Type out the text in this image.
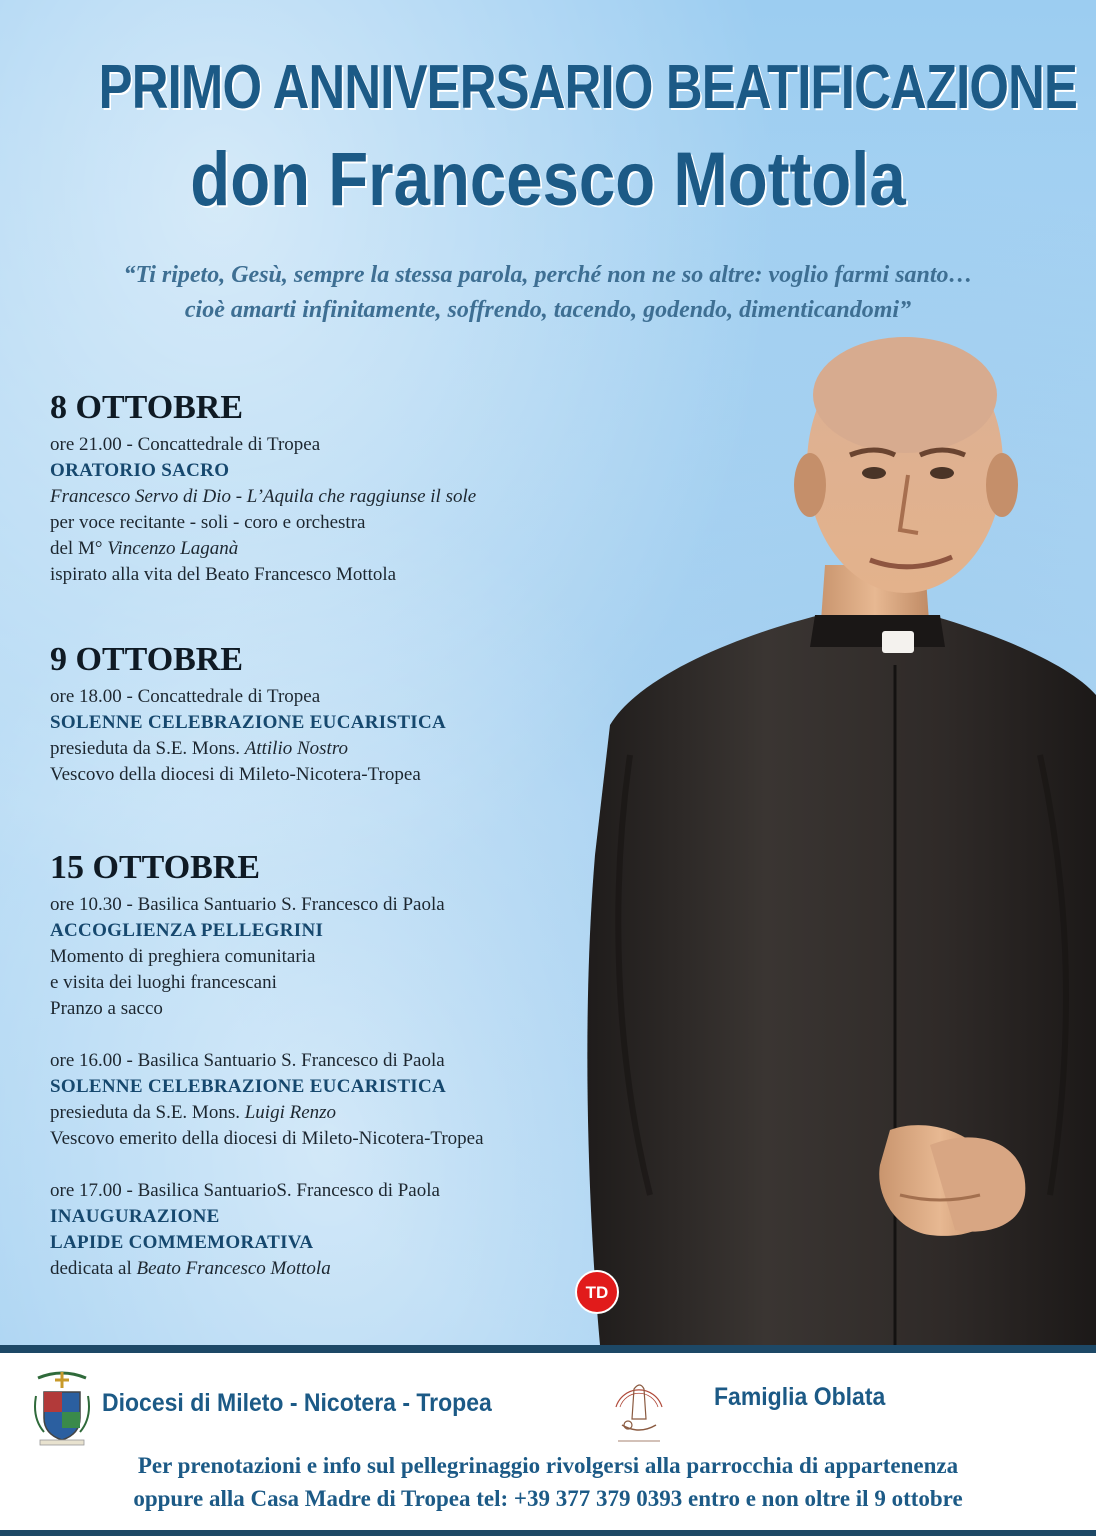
PRIMO ANNIVERSARIO BEATIFICAZIONE
don Francesco Mottola
“Ti ripeto, Gesù, sempre la stessa parola, perché non ne so altre: voglio farmi santo…
cioè amarti infinitamente, soffrendo, tacendo, godendo, dimenticandomi”
8 OTTOBRE
ore 21.00 - Concattedrale di Tropea
ORATORIO SACRO
Francesco Servo di Dio - L’Aquila che raggiunse il sole
per voce recitante - soli - coro e orchestra
del M° Vincenzo Laganà
ispirato alla vita del Beato Francesco Mottola
9 OTTOBRE
ore 18.00 - Concattedrale di Tropea
SOLENNE CELEBRAZIONE EUCARISTICA
presieduta da S.E. Mons. Attilio Nostro
Vescovo della diocesi di Mileto-Nicotera-Tropea
15 OTTOBRE
ore 10.30 - Basilica Santuario S. Francesco di Paola
ACCOGLIENZA PELLEGRINI
Momento di preghiera comunitaria
e visita dei luoghi francescani
Pranzo a sacco
ore 16.00 - Basilica Santuario S. Francesco di Paola
SOLENNE CELEBRAZIONE EUCARISTICA
presieduta da S.E. Mons. Luigi Renzo
Vescovo emerito della diocesi di Mileto-Nicotera-Tropea
ore 17.00 - Basilica SantuarioS. Francesco di Paola
INAUGURAZIONE
LAPIDE COMMEMORATIVA
dedicata al Beato Francesco Mottola
TD
Diocesi di Mileto - Nicotera - Tropea	Famiglia Oblata
Per prenotazioni e info sul pellegrinaggio rivolgersi alla parrocchia di appartenenza
oppure alla Casa Madre di Tropea tel: +39 377 379 0393 entro e non oltre il 9 ottobre
